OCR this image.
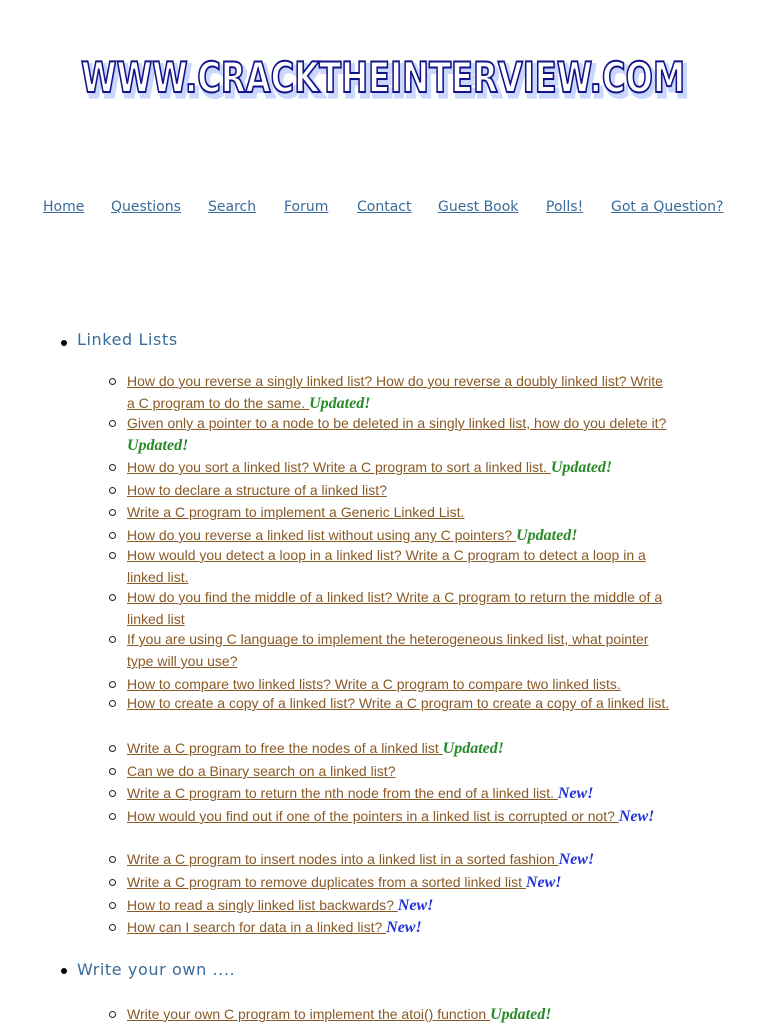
WWW.CRACKTHEINTERVIEW.COM
WWW.CRACKTHEINTERVIEW.COM
Home Questions Search Forum Contact Guest Book Polls! Got a Question?
Linked Lists
Write your own ....
How do you reverse a singly linked list? How do you reverse a doubly linked list? Write a C program to do the same. Updated!
Given only a pointer to a node to be deleted in a singly linked list, how do you delete it? Updated!
How do you sort a linked list? Write a C program to sort a linked list. Updated!
How to declare a structure of a linked list?
Write a C program to implement a Generic Linked List.
How do you reverse a linked list without using any C pointers? Updated!
How would you detect a loop in a linked list? Write a C program to detect a loop in a linked list.
How do you find the middle of a linked list? Write a C program to return the middle of a linked list
If you are using C language to implement the heterogeneous linked list, what pointer type will you use?
How to compare two linked lists? Write a C program to compare two linked lists.
How to create a copy of a linked list? Write a C program to create a copy of a linked list.
Write a C program to free the nodes of a linked list Updated!
Can we do a Binary search on a linked list?
Write a C program to return the nth node from the end of a linked list. New!
How would you find out if one of the pointers in a linked list is corrupted or not? New!
Write a C program to insert nodes into a linked list in a sorted fashion New!
Write a C program to remove duplicates from a sorted linked list New!
How to read a singly linked list backwards? New!
How can I search for data in a linked list? New!
Write your own C program to implement the atoi() function Updated!
